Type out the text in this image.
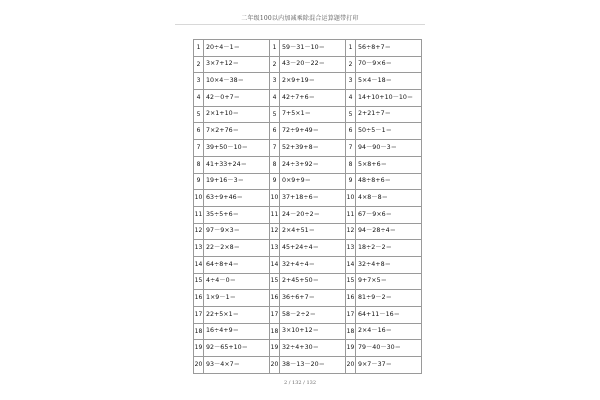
二年级100以内加减乘除混合运算题带打印
1	20÷4－1＝	1	59－31－10＝	1	56÷8+7＝
2	3×7+12＝	2	43－20－22＝	2	70－9×6＝
3	10×4－38＝	3	2×9+19＝	3	5×4－18＝
4	42－0+7＝	4	42÷7+6＝	4	14+10+10－10＝
5	2×1+10＝	5	7+5×1＝	5	2+21÷7＝
6	7×2+76＝	6	72÷9+49＝	6	50÷5－1＝
7	39+50－10＝	7	52+39+8＝	7	94－90－3＝
8	41+33+24＝	8	24÷3+92＝	8	5×8+6＝
9	19+16－3＝	9	0×9+9＝	9	48÷8+6＝
10	63÷9+46＝	10	37+18÷6＝	10	4×8－8＝
11	35÷5+6＝	11	24－20÷2＝	11	67－9×6＝
12	97－9×3＝	12	2×4+51＝	12	94－28÷4＝
13	22－2×8＝	13	45+24÷4＝	13	18÷2－2＝
14	64÷8+4＝	14	32+4÷4＝	14	32÷4+8＝
15	4÷4－0＝	15	2+45+50＝	15	9+7×5＝
16	1×9－1＝	16	36÷6+7＝	16	81÷9－2＝
17	22+5×1＝	17	58－2÷2＝	17	64+11－16＝
18	16÷4+9＝	18	3×10+12＝	18	2×4－16＝
19	92－65+10＝	19	32÷4+30＝	19	79－40－30＝
20	93－4×7＝	20	38－13－20＝	20	9×7－37＝
2 / 132 / 132
